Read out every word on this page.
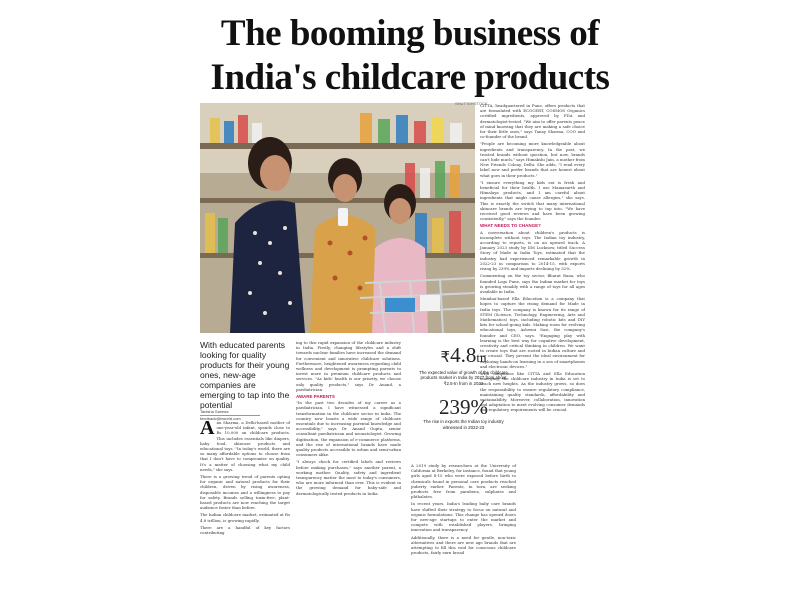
The booming business of India's childcare products
SHUTTERSTOCK
With educated parents looking for quality products for their young ones, new-age companies are emerging to tap into the potential
Tanisha Saxena
feedback@bworld.com

Anu Sharma, a Delhi-based mother of one-year-old infant, spends close to Rs 10,000 on childcare products. This includes essentials like diapers, baby food, skincare products and educational toys. "In today's world, there are so many affordable options to choose from that I don't have to compromise on quality. It's a matter of choosing what my child needs," she says.

There is a growing trend of parents opting for organic and natural products for their children, driven by rising awareness, disposable incomes and a willingness to pay for safety. Brands selling toxin-free, plant-based products are now reaching the target audience faster than before.

The Indian childcare market, estimated at Rs 4.8 trillion, is growing rapidly.

There are a handful of key factors contributing

ing to this rapid expansion of the childcare industry in India. Firstly, changing lifestyles and a shift towards nuclear families have increased the demand for convenient and innovative childcare solutions. Furthermore, heightened awareness regarding child wellness and development is prompting parents to invest more in premium childcare products and services. "As kids' health is our priority, we choose only quality products," says Dr Anand, a paediatrician.

AWARE PARENTS

"In the past two decades of my career as a paediatrician, I have witnessed a significant transformation in the childcare sector in India. The country now boasts a wide range of childcare essentials due to increasing parental knowledge and accessibility," says Dr Anand Gupta, senior consultant paediatrician and neonatologist. Growing digitisation, the expansion of e-commerce platforms, and the rise of international brands have made quality products accessible to urban and semi-urban consumers alike.

"I always check for certified labels and reviews before making purchases," says another parent, a working mother. Quality, safety and ingredient transparency matter the most to today's consumers, who are more informed than ever. This is evident in the growing demand for baby-safe and dermatologically tested products in India.

₹4.8tn
The expected value of growth of the childcare products market in India by 2027 from about ₹2.5-tn from in 2022
239%
The rise in exports the Indian toy industry witnessed in 2022-23

A 2019 study by researchers at the University of California at Berkeley, for instance, found that young girls aged 8-15 who were exposed before birth to chemicals found in personal care products reached puberty earlier. Parents, in turn, are seeking products free from parabens, sulphates and phthalates.

In recent years, India's leading baby care brands have shifted their strategy to focus on natural and organic formulations. This change has opened doors for new-age startups to enter the market and compete with established players, bringing innovation and transparency.

Additionally, there is a need for gentle, non-toxic alternatives and there are new age brands that are attempting to fill this void for conscious childcare products, fairly earn broad

CITTA, headquartered in Pune, offers products that are formulated with ECOCERT, COSMOS Organics certified ingredients, approved by FDA and dermatologist-tested. "We aim to offer parents peace of mind knowing that they are making a safe choice for their little ones," says Tanay Sharma, COO and co-founder of the brand.

"People are becoming more knowledgeable about ingredients and transparency. In the past, we trusted brands without question, but now, brands can't hide much," says Himakshi Jain, a mother from New Friends Colony, Delhi. She adds, "I read every label now and prefer brands that are honest about what goes in their products."

"I ensure everything my kids eat is fresh and beneficial for their health. I use Mamaearth and Himalaya products, and I am careful about ingredients that might cause allergies," she says. This is exactly the switch that many international skincare brands are trying to tap into. "We have received good reviews and have been growing consistently," says the founder.

WHAT NEEDS TO CHANGE?

A conversation about children's products is incomplete without toys. The Indian toy industry, according to reports, is on an upward track. A January 2023 study by IIM Lucknow, titled Success Story of Made in India Toys, estimated that the industry had experienced remarkable growth in 2022-23 in comparison to 2014-15, with exports rising by 239% and imports declining by 52%.

Commenting on the toy sector, Bharat Rana, who founded Lego Pune, says the Indian market for toys is growing steadily with a range of toys for all ages available in India.

Mumbai-based Ella Education is a company that hopes to capture the rising demand for Made in India toys. The company is known for its range of STEM (Science, Technology, Engineering, Arts and Mathematics) toys, including robotic kits and DIY kits for school-going kids. Making room for evolving educational toys, Ashwini Sasi, the company's founder and CEO, says, "Engaging play with learning is the best way for cognitive development, creativity and critical thinking in children. We want to create toys that are rooted in Indian culture and are crucial. They present the ideal environment for exploring hands-on learning in a sea of smartphones and electronic devices."

With companies like CITTA and Ella Education emerging, the childcare industry in India is set to reach new heights. As the industry grows, so does the responsibility to ensure regulatory compliance, maintaining quality standards, affordability and sustainability. Moreover, collaboration, innovation and adaptation to meet evolving consumer demands and regulatory requirements will be crucial.
